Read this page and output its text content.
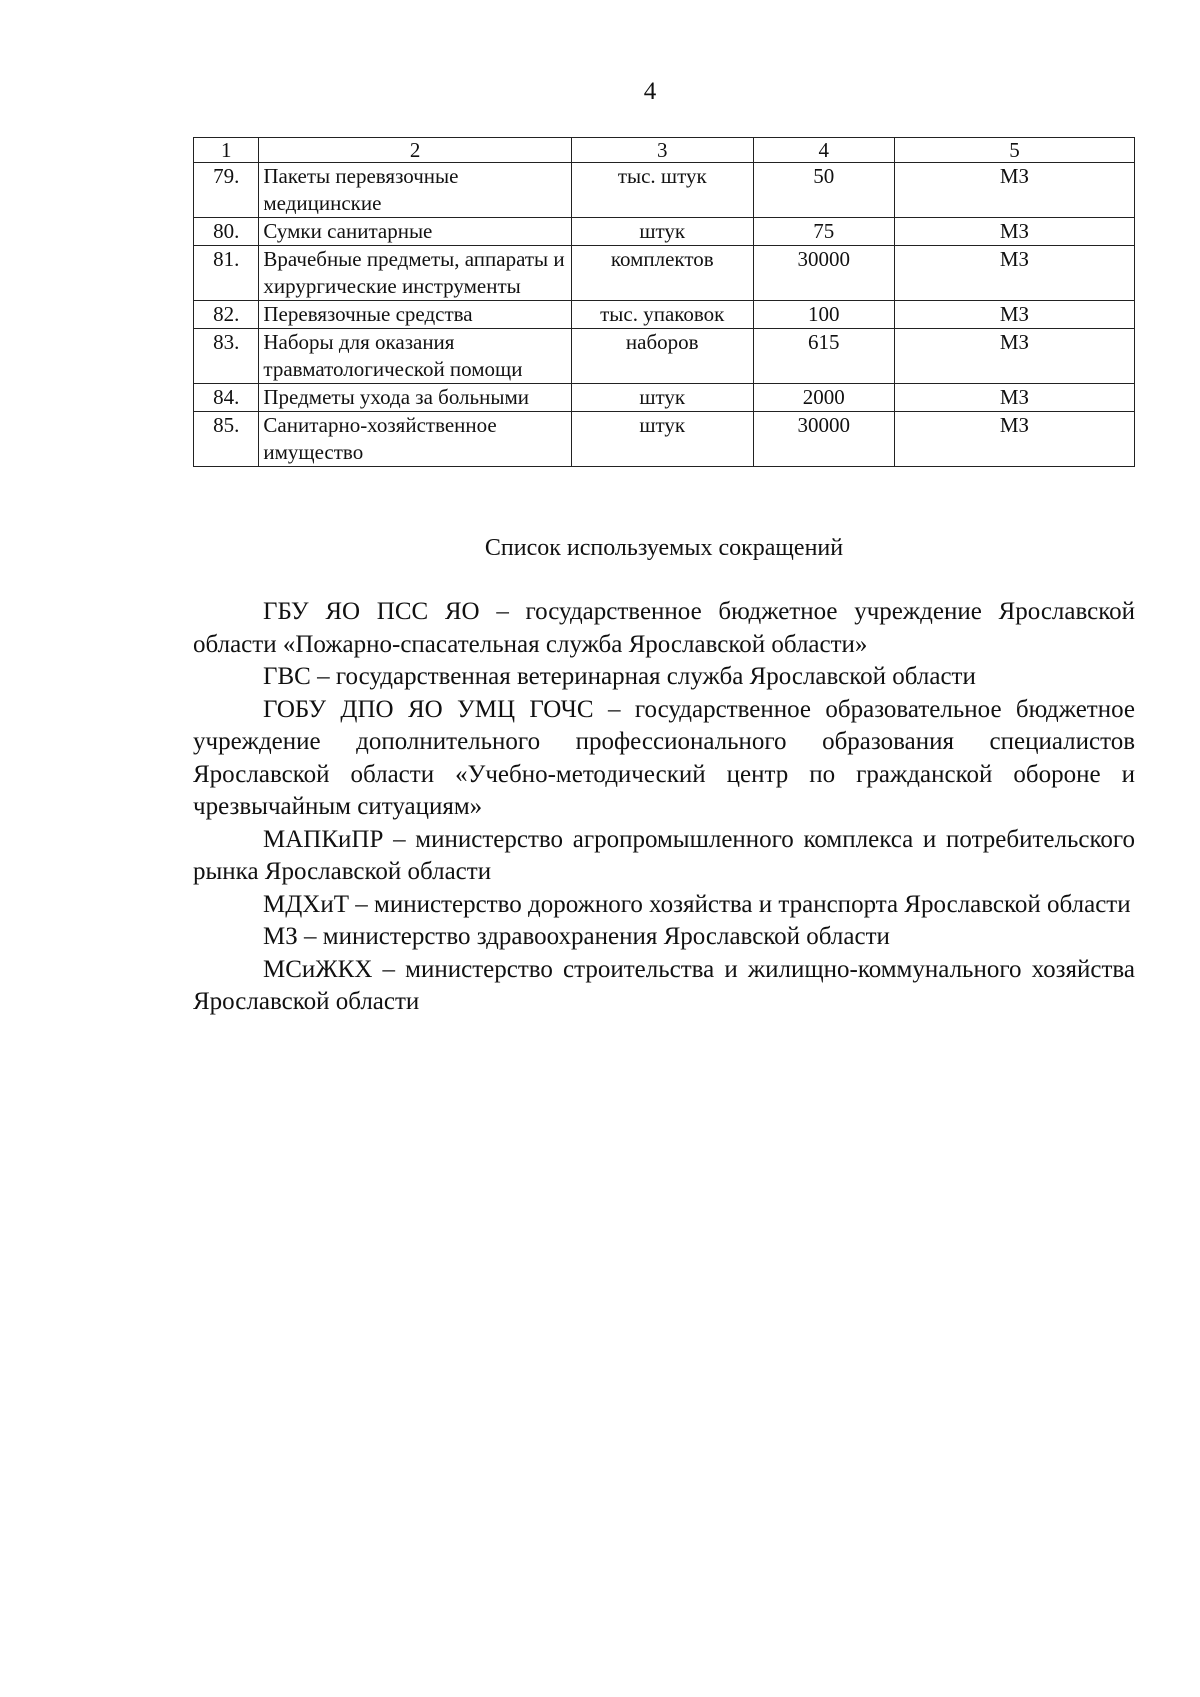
4
1	2	3	4	5
79.	Пакеты перевязочные медицинские	тыс. штук	50	МЗ
80.	Сумки санитарные	штук	75	МЗ
81.	Врачебные предметы, аппараты и хирургические инструменты	комплектов	30000	МЗ
82.	Перевязочные средства	тыс. упаковок	100	МЗ
83.	Наборы для оказания травматологической помощи	наборов	615	МЗ
84.	Предметы ухода за больными	штук	2000	МЗ
85.	Санитарно-хозяйственное имущество	штук	30000	МЗ
Список используемых сокращений

ГБУ ЯО ПСС ЯО – государственное бюджетное учреждение Ярославской области «Пожарно-спасательная служба Ярославской области»

ГВС – государственная ветеринарная служба Ярославской области

ГОБУ ДПО ЯО УМЦ ГОЧС – государственное образовательное бюджетное учреждение дополнительного профессионального образования специалистов Ярославской области «Учебно-методический центр по гражданской обороне и чрезвычайным ситуациям»

МАПКиПР – министерство агропромышленного комплекса и потребительского рынка Ярославской области

МДХиТ – министерство дорожного хозяйства и транспорта Ярославской области

МЗ – министерство здравоохранения Ярославской области

МСиЖКХ – министерство строительства и жилищно-коммунального хозяйства Ярославской области
